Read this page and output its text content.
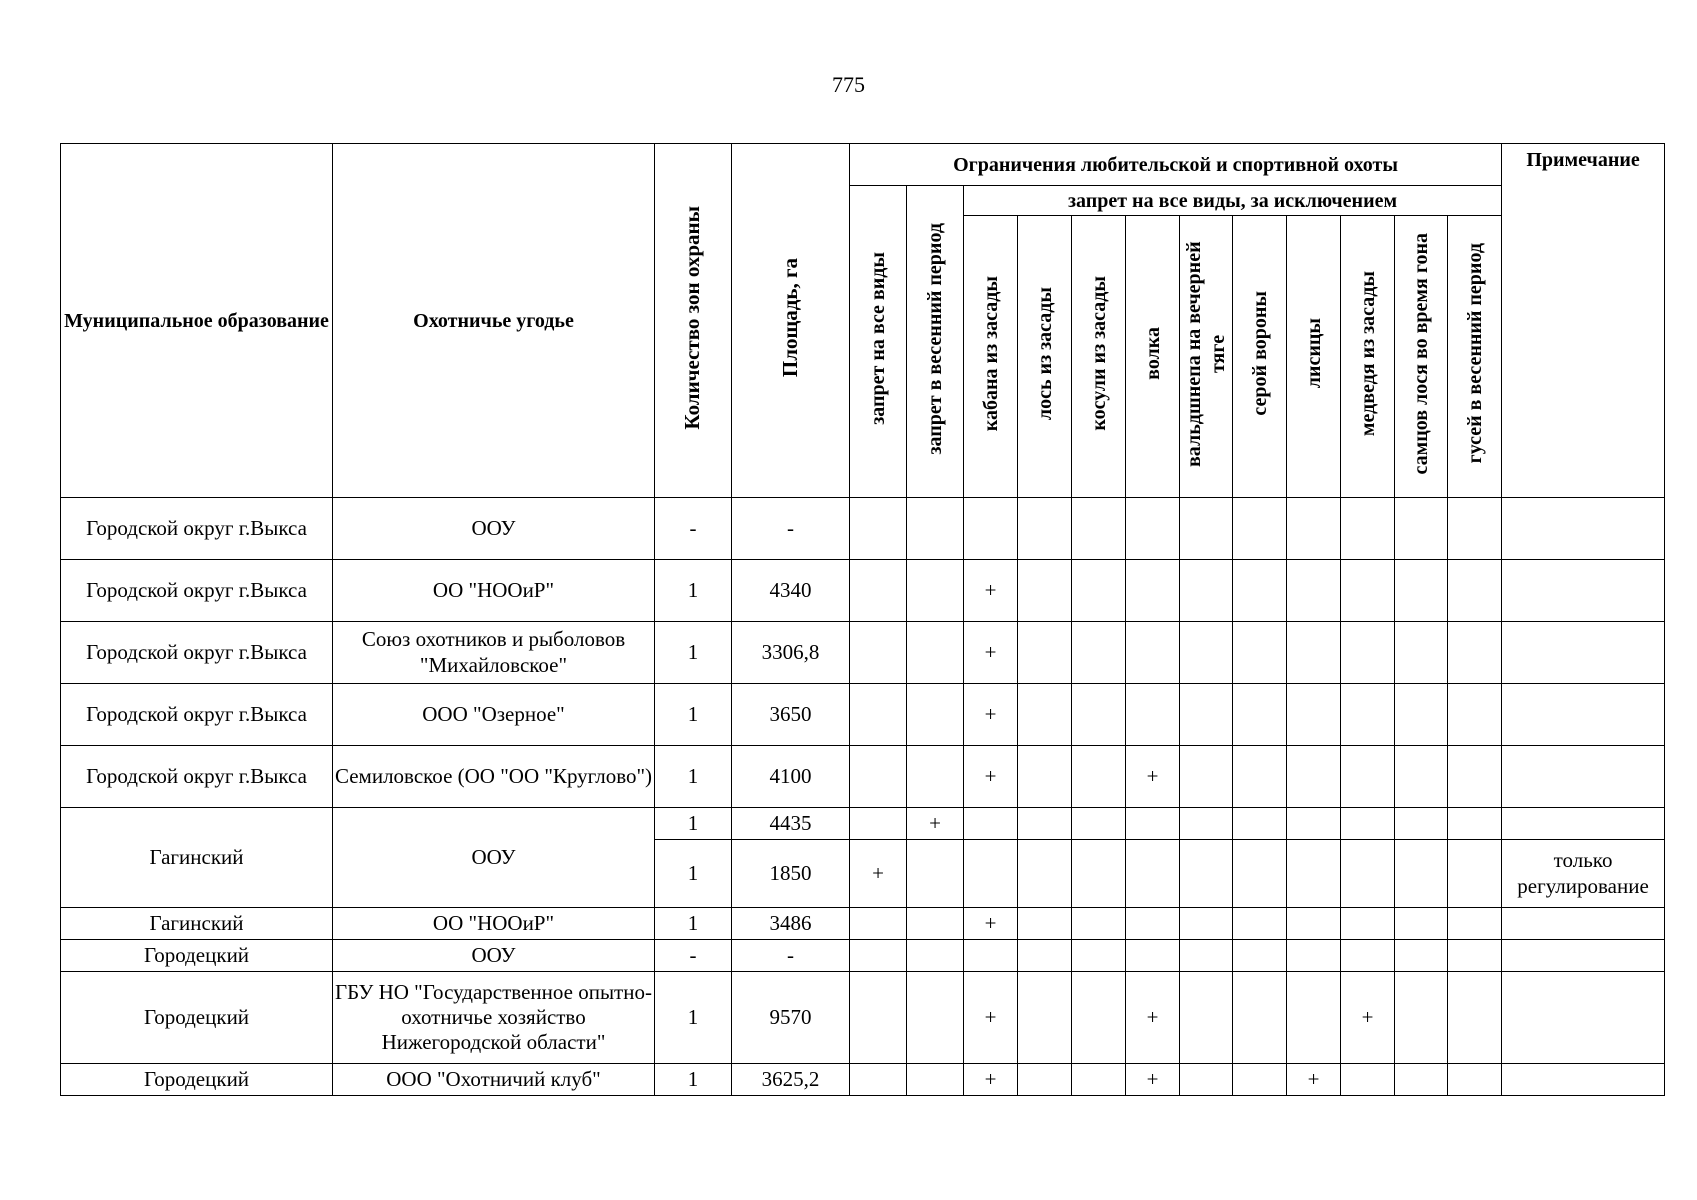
775
Муниципальное образование	Охотничье угодье	Количество зон охраны	Площадь, га	Ограничения любительской и спортивной охоты												Примечание
				запрет на все виды	запрет в весенний период	запрет на все виды, за исключением										
						кабана из засады	лось из засады	косули из засады	волка	вальдшнепа на вечерней тяге	серой вороны	лисицы	медведя из засады	самцов лося во время гона	гусей в весенний период	
Городской округ г.Выкса	ООУ	-	-													
Городской округ г.Выкса	ОО "НООиР"	1	4340			+										
Городской округ г.Выкса	Союз охотников и рыболовов "Михайловское"	1	3306,8			+										
Городской округ г.Выкса	ООО "Озерное"	1	3650			+										
Городской округ г.Выкса	Семиловское (ОО "ОО "Круглово")	1	4100			+			+							
Гагинский	ООУ	1	4435		+											
		1	1850	+												только регулирование
Гагинский	ОО "НООиР"	1	3486			+										
Городецкий	ООУ	-	-													
Городецкий	ГБУ НО "Государственное опытно-охотничье хозяйство Нижегородской области"	1	9570			+			+				+			
Городецкий	ООО "Охотничий клуб"	1	3625,2			+			+			+				
